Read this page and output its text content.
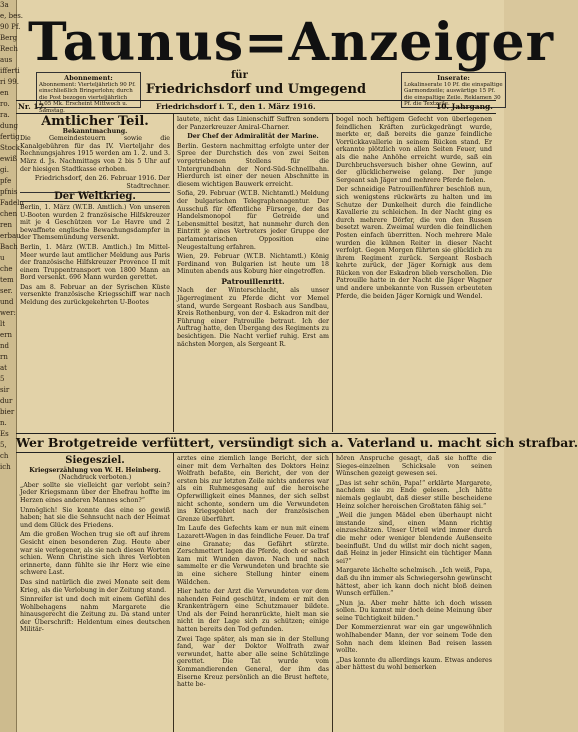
3a
e, bes.
90 Pf.
Berg
Rech
aus
ifferti
ri 99.
en
ro.
ra.
dung
fertig
Stock.
ewiß
gi.
pfe
pfnis
Fadeln
chen
ren
erbau
Bach
u
che
tem
ser.
und
wer:
lt
ern
nd
rn
at
5
sir
dur
bier
n.
Es
5,
ch
ich
Taunus=Anzeiger
Abonnement:
Abonnement: Vierteljährlich 90 Pf. einschließlich Bringerlohn; durch die Post bezogen vierteljährlich 1,05 Mk. Erscheint Mittwoch u. Samstag.
für
Friedrichsdorf und Umgegend
Inserate:
Lokalinserate 10 Pf. die einspaltige Garmondzeile; auswärtige 15 Pf. die einspaltige Zeile. Reklamen 30 Pf. die Textzeile.
Nr. 17.	Friedrichsdorf i. T., den 1. März 1916.	10. Jahrgang.
Amtlicher Teil.
Bekanntmachung.

Die Gemeindesteuern sowie die Kanalgebühren für das IV. Vierteljahr des Rechnungsjahres 1915 werden am 1. 2. und 3. März d. Js. Nachmittags von 2 bis 5 Uhr auf der hiesigen Stadtkasse erhoben.

Friedrichsdorf, den 26. Februar 1916. Der Stadtrechner.

Der Weltkrieg.

Berlin, 1. März (W.T.B. Amtlich.) Von unseren U-Booten wurden 2 französische Hilfskreuzer mit je 4 Geschützen vor Le Havre und 2 bewaffnete englische Bewachungsdampfer in der Themsemündung versenkt.

Berlin, 1. März (W.T.B. Amtlich.) Im Mittel-Meer wurde laut amtlicher Meldung aus Paris der französische Hilfskreuzer Provence II mit einem Truppentransport von 1800 Mann an Bord versenkt. 696 Mann wurden gerettet.

Das am 8. Februar an der Syrischen Küste versenkte französische Kriegsschiff war nach Meldung des zurückgekehrten U-Bootes

lautete, nicht das Linienschiff Suffren sondern der Panzerkreuzer Amiral-Charner.

Der Chef der Admiralität der Marine.

Berlin. Gestern nachmittag erfolgte unter der Spree der Durchstich des von zwei Seiten vorgetriebenen Stollens für die Untergrundbahn der Nord-Süd-Schnellbahn. Hierdurch ist einer der neuen Abschnitte in diesem wichtigen Bauwerk erreicht.

Sofia, 29. Februar (W.T.B. Nichtamtl.) Meldung der bulgarischen Telegraphenagentur. Der Ausschuß für öffentliche Fürsorge, der das Handelsmonopol für Getreide und Lebensmittel besitzt, hat nunmehr durch den Eintritt je eines Vertreters jeder Gruppe der parlamentarischen Opposition eine Neugestaltung erfahren.

Wien, 29. Februar (W.T.B. Nichtamtl.) König Ferdinand von Bulgarien ist heute um 18 Minuten abends aus Koburg hier eingetroffen.

Patrouillenritt.

Nach der Winterschlacht, als unser Jägerregiment zu Pferde dicht vor Memel stand, wurde Sergeant Rosbach aus Sandbau, Kreis Rothenburg, von der 4. Eskadron mit der Führung einer Patrouille betraut. Ich der Auftrag hatte, den Übergang des Regiments zu besichtigen. Die Nacht verlief ruhig. Erst am nächsten Morgen, als Sergeant R.

bogel noch heftigem Gefecht von überlegenen feindlichen Kräften zurückgedrängt wurde, merkte er, daß bereits die ganze feindliche Vorrückkavallerie in seinem Rücken stand. Er erkannte plötzlich von allen Seiten Feuer, und als die nahe Anhöhe erreicht wurde, saß ein Durchbruchsversuch bisher ohne Gewinn, auf der glücklicherweise gelang. Der junge Sergeant sah Jäger und mehrere Pferde fielen.

Der schneidige Patrouillenführer beschloß nun, sich wenigstens rückwärts zu halten und im Schutze der Dunkelheit durch die feindliche Kavallerie zu schleichen. In der Nacht ging es durch mehrere Dörfer, die von den Russen besetzt waren. Zweimal wurden die feindlichen Posten einfach überritten. Noch mehrere Male wurden die kühnen Reiter in dieser Nacht verfolgt. Gegen Morgen führten sie glücklich zu ihrem Regiment zurück. Sergeant Rosbach kehrte zurück, der Jäger Kornigk aus dem Rücken von der Eskadron blieb verschollen. Die Patrouille hatte in der Nacht die Jäger Wagner und andere unbekannte von Russen erbeuteten Pferde, die beiden Jäger Kornigk und Wendel.

Wer Brotgetreide verfüttert, versündigt sich a. Vaterland u. macht sich strafbar.
Siegesziel.
Kriegserzählung von W. H. Heinberg.
(Nachdruck verboten.)

„Aber sollte sie vielleicht gar verlobt sein? Jeder Kriegsmann über der Ehefrau hoffte im Herzen eines anderen Mannes schon?“

Unmöglich! Sie konnte das eine so gewiß haben; hat sie die Sehnsucht nach der Heimat und dem Glück des Friedens.

Am die großen Wochen trug sie oft auf ihrem Gesicht einen besonderen Zug. Heute aber war sie verlegener, als sie nach diesen Worten schien. Wenn Christine sich ihres Verlobten erinnerte, dann fühlte sie ihr Herz wie eine schwere Last.

Das sind natürlich die zwei Monate seit dem Krieg, als die Verlobung in der Zeitung stand.

Sinnreifer ist und doch mit einem Gefühl des Wohlbehagens nahm Margarete die hinausgerecht die Zeitung zu. Da stand unter der Überschrift: Heldentum eines deutschen Militär-

arztes eine ziemlich lange Bericht, der sich einer mit dem Verhalten des Doktors Heinz Wolfrath befaßte, ein Bericht, der von der ersten bis zur letzten Zeile nichts anderes war als ein Ruhmesgesang auf die heroische Opferwilligkeit eines Mannes, der sich selbst nicht schonte, sondern um die Verwundeten ins Kriegsgebiet nach der französischen Grenze überführt.

Im Laufe des Gefechts kam er nun mit einem Lazarett-Wagen in das feindliche Feuer. Da traf eine Granate; das Gefährt stürzte. Zerschmettert lagen die Pferde, doch er selbst kam mit Wunden davon. Nach und nach sammelte er die Verwundeten und brachte sie in eine sichere Stellung hinter einem Wäldchen.

Hier hatte der Arzt die Verwundeten vor dem nahenden Feind geschützt, indem er mit den Krankenträgern eine Schutzmauer bildete. Und als der Feind heranrückte, hielt man sie nicht in der Lage sich zu schützen; einige hatten bereits den Tod gefunden.

Zwei Tage später, als man sie in der Stellung fand, war der Doktor Wolfrath zwar verwundet, hatte aber alle seine Schützlinge gerettet. Die Tat wurde vom Kommandierenden General, der ihm das Eiserne Kreuz persönlich an die Brust heftete, hatte be-

hören Anspruche gesagt, daß sie hoffte die Sieges-einzelnen Schicksale von seinen Wünschen gezeigt gewesen sei.

„Das ist sehr schön, Papa!“ erklärte Margarete, nachdem sie zu Ende gelesen. „Ich hätte niemals geglaubt, daß dieser stille bescheidene Heinz solcher heroischen Großtaten fähig sei.“

„Weil die jungen Mädel eben überhaupt nicht imstande sind, einen Mann richtig einzuschätzen. Unser Urteil wird immer durch die mehr oder weniger blendende Außenseite beeinflußt. Und du willst mir doch nicht sagen, daß Heinz in jeder Hinsicht ein tüchtiger Mann sei?“

Margarete lächelte schelmisch. „Ich weiß, Papa, daß du ihn immer als Schwiegersohn gewünscht hättest, aber ich kann doch nicht bloß deinen Wunsch erfüllen.“

„Nun ja. Aber mehr hätte ich doch wissen sollen. Du kannst mir doch deine Meinung über seine Tüchtigkeit bilden.“

Der Kommerzienrat war ein gar ungewöhnlich wohlhabender Mann, der vor seinem Tode den Sohn nach dem kleinen Bad reisen lassen wollte.

„Das konnte du allerdings kaum. Etwas anderes aber hättest du wohl bemerken
